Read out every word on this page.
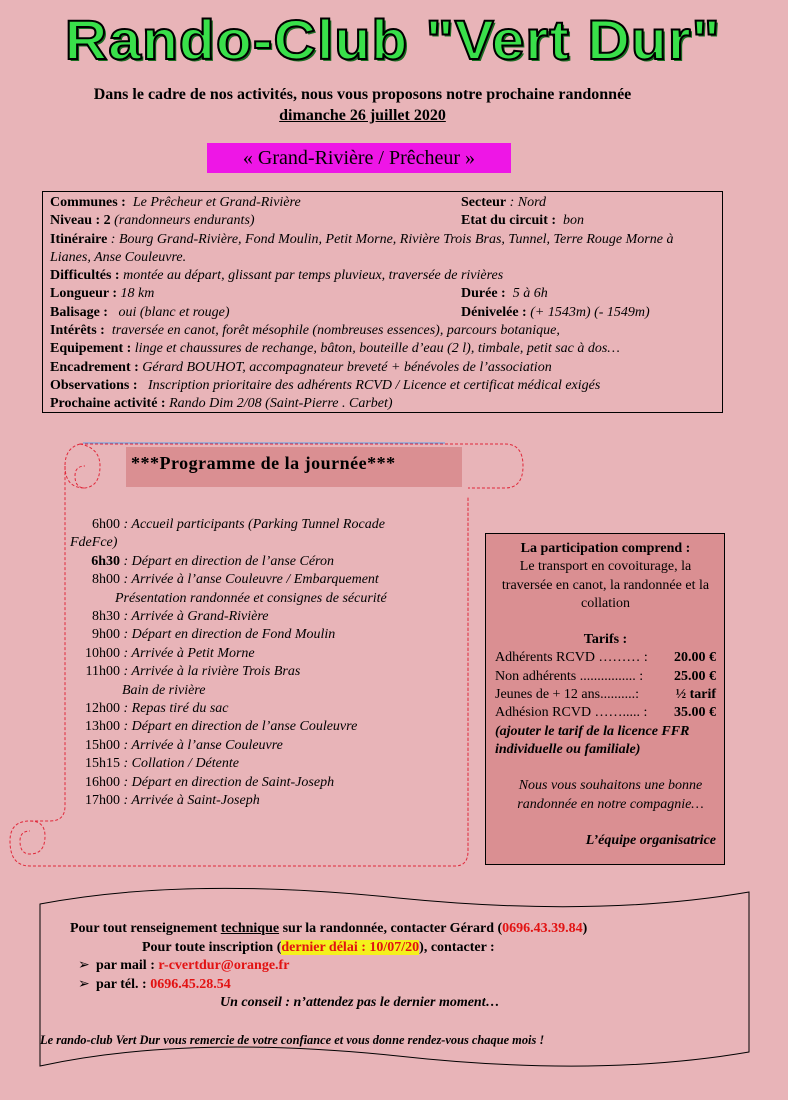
Rando-Club "Vert Dur"
Dans le cadre de nos activités, nous vous proposons notre prochaine randonnée
dimanche 26 juillet 2020
« Grand-Rivière / Prêcheur »
Communes : Le Prêcheur et Grand-Rivière	Secteur : Nord
Niveau : 2 (randonneurs endurants)	Etat du circuit : bon
Itinéraire : Bourg Grand-Rivière, Fond Moulin, Petit Morne, Rivière Trois Bras, Tunnel, Terre Rouge Morne à Lianes, Anse Couleuvre.
Difficultés : montée au départ, glissant par temps pluvieux, traversée de rivières
Longueur : 18 km	Durée : 5 à 6h
Balisage : oui (blanc et rouge)	Dénivelée : (+ 1543m) (- 1549m)
Intérêts : traversée en canot, forêt mésophile (nombreuses essences), parcours botanique,
Equipement : linge et chaussures de rechange, bâton, bouteille d’eau (2 l), timbale, petit sac à dos…
Encadrement : Gérard BOUHOT, accompagnateur breveté + bénévoles de l’association
Observations : Inscription prioritaire des adhérents RCVD / Licence et certificat médical exigés
Prochaine activité : Rando Dim 2/08 (Saint-Pierre . Carbet)
***Programme de la journée***
6h00 : Accueil participants (Parking Tunnel Rocade
FdeFce)
6h30 : Départ en direction de l’anse Céron
8h00 : Arrivée à l’anse Couleuvre / Embarquement
Présentation randonnée et consignes de sécurité
8h30 : Arrivée à Grand-Rivière
9h00 : Départ en direction de Fond Moulin
10h00 : Arrivée à Petit Morne
11h00 : Arrivée à la rivière Trois Bras
Bain de rivière
12h00 : Repas tiré du sac
13h00 : Départ en direction de l’anse Couleuvre
15h00 : Arrivée à l’anse Couleuvre
15h15 : Collation / Détente
16h00 : Départ en direction de Saint-Joseph
17h00 : Arrivée à Saint-Joseph
La participation comprend :
Le transport en covoiturage, la traversée en canot, la randonnée et la collation
Tarifs :
Adhérents RCVD ……… : 20.00 €
Non adhérents ................ : 25.00 €
Jeunes de + 12 ans..........:	½ tarif
Adhésion RCVD ……..... : 35.00 €
(ajouter le tarif de la licence FFR individuelle ou familiale)
Nous vous souhaitons une bonne randonnée en notre compagnie…
L’équipe organisatrice
Pour tout renseignement technique sur la randonnée, contacter Gérard (0696.43.39.84)
Pour toute inscription (dernier délai : 10/07/20), contacter :
➢ par mail : r-cvertdur@orange.fr
➢ par tél. : 0696.45.28.54
Un conseil : n’attendez pas le dernier moment…
Le rando-club Vert Dur vous remercie de votre confiance et vous donne rendez-vous chaque mois !
